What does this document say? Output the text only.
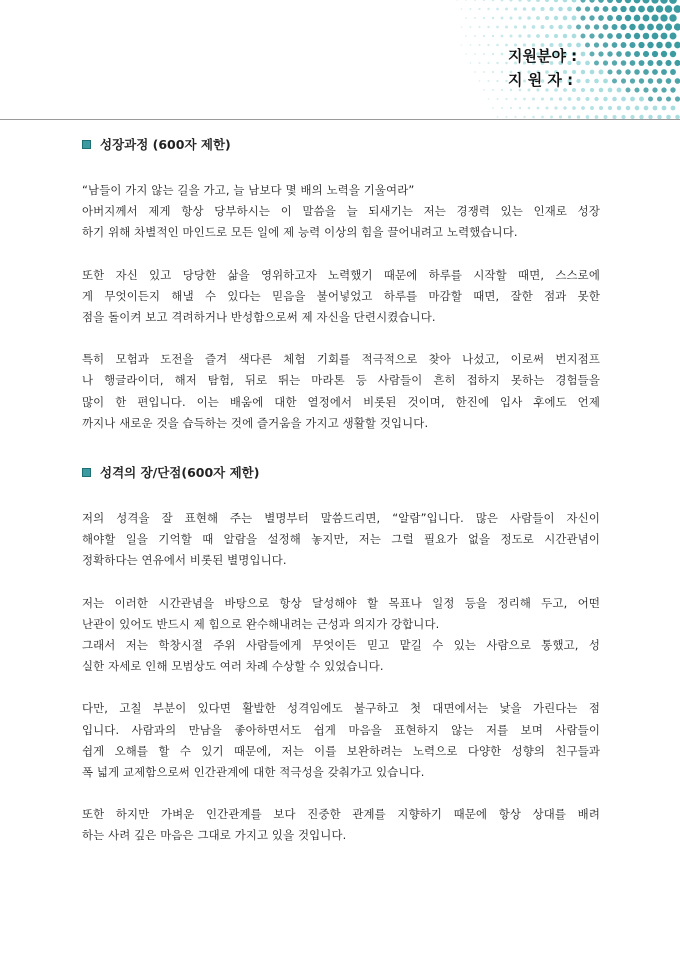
지원분야 :
지 원 자 :
성장과정 (600자 제한)
“남들이 가지 않는 길을 가고, 늘 남보다 몇 배의 노력을 기울여라”
아버지께서 제게 항상 당부하시는 이 말씀을 늘 되새기는 저는 경쟁력 있는 인재로 성장
하기 위해 차별적인 마인드로 모든 일에 제 능력 이상의 힘을 끌어내려고 노력했습니다.
또한 자신 있고 당당한 삶을 영위하고자 노력했기 때문에 하루를 시작할 때면, 스스로에
게 무엇이든지 해낼 수 있다는 믿음을 불어넣었고 하루를 마감할 때면, 잘한 점과 못한
점을 돌이켜 보고 격려하거나 반성함으로써 제 자신을 단련시켰습니다.
특히 모험과 도전을 즐겨 색다른 체험 기회를 적극적으로 찾아 나섰고, 이로써 번지점프
나 행글라이더, 해저 탐험, 뒤로 뛰는 마라톤 등 사람들이 흔히 접하지 못하는 경험들을
많이 한 편입니다. 이는 배움에 대한 열정에서 비롯된 것이며, 한진에 입사 후에도 언제
까지나 새로운 것을 습득하는 것에 즐거움을 가지고 생활할 것입니다.
성격의 장/단점(600자 제한)
저의 성격을 잘 표현해 주는 별명부터 말씀드리면, “알람”입니다. 많은 사람들이 자신이
해야할 일을 기억할 때 알람을 설정해 놓지만, 저는 그럴 필요가 없을 정도로 시간관념이
정확하다는 연유에서 비롯된 별명입니다.
저는 이러한 시간관념을 바탕으로 항상 달성해야 할 목표나 일정 등을 정리해 두고, 어떤
난관이 있어도 반드시 제 힘으로 완수해내려는 근성과 의지가 강합니다.
그래서 저는 학창시절 주위 사람들에게 무엇이든 믿고 맡길 수 있는 사람으로 통했고, 성
실한 자세로 인해 모범상도 여러 차례 수상할 수 있었습니다.
다만, 고칠 부분이 있다면 활발한 성격임에도 불구하고 첫 대면에서는 낯을 가린다는 점
입니다. 사람과의 만남을 좋아하면서도 쉽게 마음을 표현하지 않는 저를 보며 사람들이
쉽게 오해를 할 수 있기 때문에, 저는 이를 보완하려는 노력으로 다양한 성향의 친구들과
폭 넓게 교제함으로써 인간관계에 대한 적극성을 갖춰가고 있습니다.
또한 하지만 가벼운 인간관계를 보다 진중한 관계를 지향하기 때문에 항상 상대를 배려
하는 사려 깊은 마음은 그대로 가지고 있을 것입니다.
